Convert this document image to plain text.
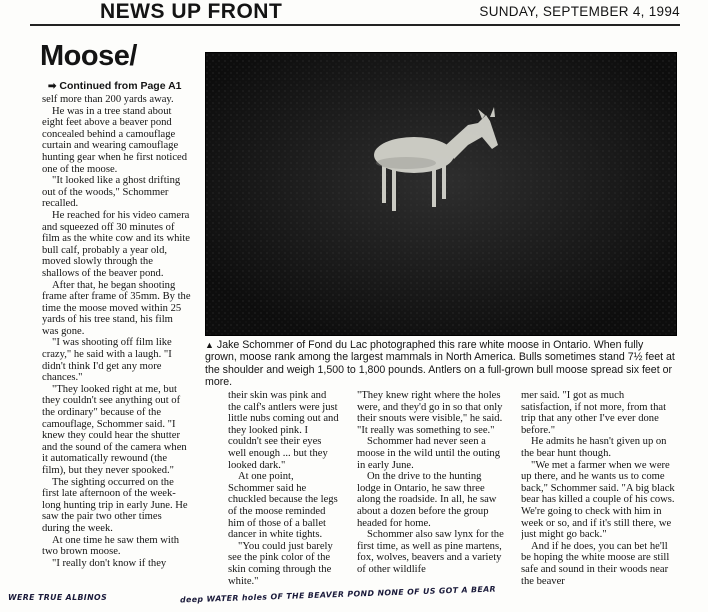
NEWS UP FRONT	SUNDAY, SEPTEMBER 4, 1994
Moose/
➡ Continued from Page A1

self more than 200 yards away.

He was in a tree stand about eight feet above a beaver pond concealed behind a camouflage curtain and wearing camouflage hunting gear when he first noticed one of the moose.

"It looked like a ghost drifting out of the woods," Schommer recalled.

He reached for his video camera and squeezed off 30 minutes of film as the white cow and its white bull calf, probably a year old, moved slowly through the shallows of the beaver pond.

After that, he began shooting frame after frame of 35mm. By the time the moose moved within 25 yards of his tree stand, his film was gone.

"I was shooting off film like crazy," he said with a laugh. "I didn't think I'd get any more chances."

"They looked right at me, but they couldn't see anything out of the ordinary" because of the camouflage, Schommer said. "I knew they could hear the shutter and the sound of the camera when it automatically rewound (the film), but they never spooked."

The sighting occurred on the first late afternoon of the week-long hunting trip in early June. He saw the pair two other times during the week.

At one time he saw them with two brown moose.

"I really don't know if they

▲ Jake Schommer of Fond du Lac photographed this rare white moose in Ontario. When fully grown, moose rank among the largest mammals in North America. Bulls sometimes stand 7½ feet at the shoulder and weigh 1,500 to 1,800 pounds. Antlers on a full-grown bull moose spread six feet or more.

their skin was pink and the calf's antlers were just little nubs coming out and they looked pink. I couldn't see their eyes well enough ... but they looked dark."

At one point, Schommer said he chuckled because the legs of the moose reminded him of those of a ballet dancer in white tights.

"You could just barely see the pink color of the skin coming through the white."

"They knew right where the holes were, and they'd go in so that only their snouts were visible," he said. "It really was something to see."

Schommer had never seen a moose in the wild until the outing in early June.

On the drive to the hunting lodge in Ontario, he saw three along the roadside. In all, he saw about a dozen before the group headed for home.

Schommer also saw lynx for the first time, as well as pine martens, fox, wolves, beavers and a variety of other wildlife

mer said. "I got as much satisfaction, if not more, from that trip that any other I've ever done before."

He admits he hasn't given up on the bear hunt though.

"We met a farmer when we were up there, and he wants us to come back," Schommer said. "A big black bear has killed a couple of his cows. We're going to check with him in week or so, and if it's still there, we just might go back."

And if he does, you can bet he'll be hoping the white moose are still safe and sound in their woods near the beaver

WERE TRUE ALBINOS	deep WATER holes OF THE BEAVER POND NONE OF US GOT A BEAR
